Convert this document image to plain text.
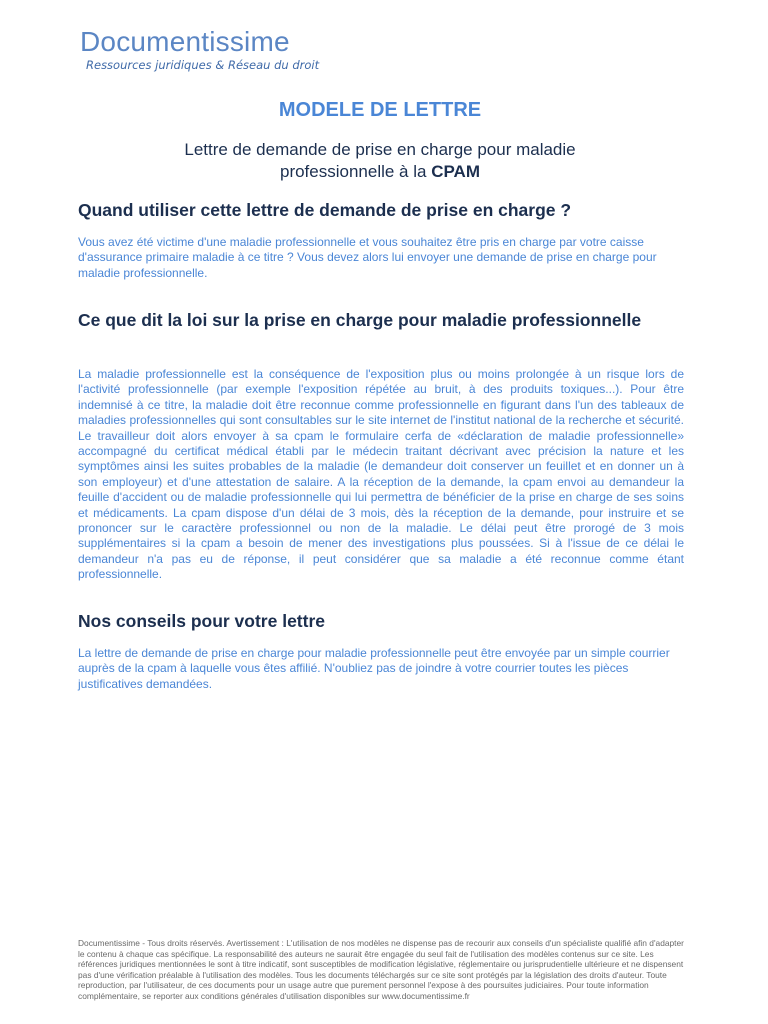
Documentissime
Ressources juridiques & Réseau du droit
MODELE DE LETTRE
Lettre de demande de prise en charge pour maladie
professionnelle à la CPAM
Quand utiliser cette lettre de demande de prise en charge ?

Vous avez été victime d'une maladie professionnelle et vous souhaitez être pris en charge par votre caisse d'assurance primaire maladie à ce titre ? Vous devez alors lui envoyer une demande de prise en charge pour maladie professionnelle.

Ce que dit la loi sur la prise en charge pour maladie professionnelle

La maladie professionnelle est la conséquence de l'exposition plus ou moins prolongée à un risque lors de l'activité professionnelle (par exemple l'exposition répétée au bruit, à des produits toxiques...). Pour être indemnisé à ce titre, la maladie doit être reconnue comme professionnelle en figurant dans l'un des tableaux de maladies professionnelles qui sont consultables sur le site internet de l'institut national de la recherche et sécurité. Le travailleur doit alors envoyer à sa cpam le formulaire cerfa de «déclaration de maladie professionnelle» accompagné du certificat médical établi par le médecin traitant décrivant avec précision la nature et les symptômes ainsi les suites probables de la maladie (le demandeur doit conserver un feuillet et en donner un à son employeur) et d'une attestation de salaire. A la réception de la demande, la cpam envoi au demandeur la feuille d'accident ou de maladie professionnelle qui lui permettra de bénéficier de la prise en charge de ses soins et médicaments. La cpam dispose d'un délai de 3 mois, dès la réception de la demande, pour instruire et se prononcer sur le caractère professionnel ou non de la maladie. Le délai peut être prorogé de 3 mois supplémentaires si la cpam a besoin de mener des investigations plus poussées. Si à l'issue de ce délai le demandeur n'a pas eu de réponse, il peut considérer que sa maladie a été reconnue comme étant professionnelle.

Nos conseils pour votre lettre

La lettre de demande de prise en charge pour maladie professionnelle peut être envoyée par un simple courrier auprès de la cpam à laquelle vous êtes affilié. N'oubliez pas de joindre à votre courrier toutes les pièces justificatives demandées.

Documentissime - Tous droits réservés. Avertissement : L'utilisation de nos modèles ne dispense pas de recourir aux conseils d'un spécialiste qualifié afin d'adapter le contenu à chaque cas spécifique. La responsabilité des auteurs ne saurait être engagée du seul fait de l'utilisation des modèles contenus sur ce site. Les références juridiques mentionnées le sont à titre indicatif, sont susceptibles de modification législative, réglementaire ou jurisprudentielle ultérieure et ne dispensent pas d'une vérification préalable à l'utilisation des modèles. Tous les documents téléchargés sur ce site sont protégés par la législation des droits d'auteur. Toute reproduction, par l'utilisateur, de ces documents pour un usage autre que purement personnel l'expose à des poursuites judiciaires. Pour toute information complémentaire, se reporter aux conditions générales d'utilisation disponibles sur www.documentissime.fr
